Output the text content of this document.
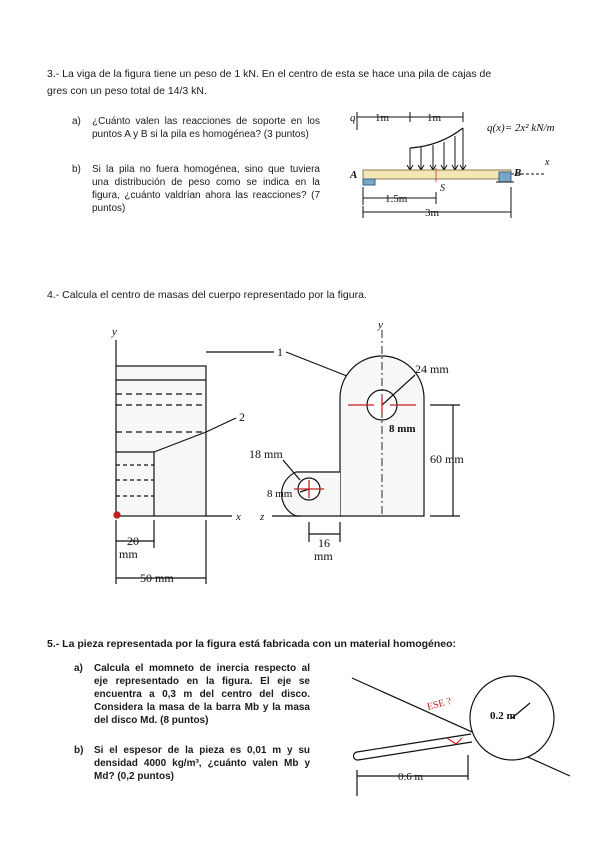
3.- La viga de la figura tiene un peso de 1 kN. En el centro de esta se hace una pila de cajas de
gres con un peso total de 14/3 kN.
a) ¿Cuánto valen las reacciones de soporte en los puntos A y B si la pila es homogénea? (3 puntos)
b) Si la pila no fuera homogénea, sino que tuviera una distribución de peso como se indica en la figura, ¿cuánto valdrían ahora las reacciones? (7 puntos)
q 1m	1m
q(x)= 2x² kN/m
x
A	B
S
1.5m
3m
y
y
1
2
24 mm
8 mm
60 mm
18 mm
8 mm
x z
20
mm
50 mm
16
mm
ESE ?
0.2 m
0.6 m
4.- Calcula el centro de masas del cuerpo representado por la figura.
5.- La pieza representada por la figura está fabricada con un material homogéneo:
a) Calcula el momneto de inercia respecto al eje representado en la figura. El eje se encuentra a 0,3 m del centro del disco. Considera la masa de la barra Mb y la masa del disco Md. (8 puntos)
b) Si el espesor de la pieza es 0,01 m y su densidad 4000 kg/m³, ¿cuánto valen Mb y Md? (0,2 puntos)
